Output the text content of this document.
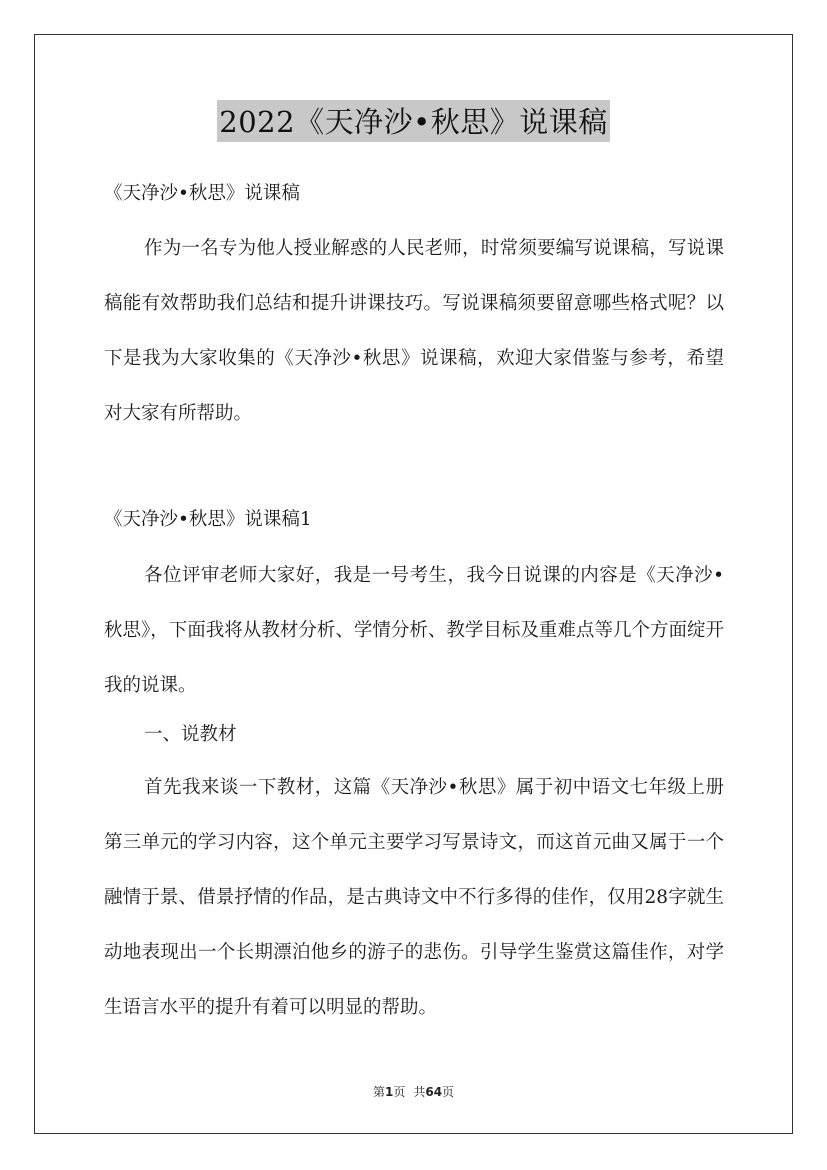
2022《天净沙•秋思》说课稿
《天净沙•秋思》说课稿

作为一名专为他人授业解惑的人民老师，时常须要编写说课稿，写说课稿能有效帮助我们总结和提升讲课技巧。写说课稿须要留意哪些格式呢？以下是我为大家收集的《天净沙•秋思》说课稿，欢迎大家借鉴与参考，希望对大家有所帮助。

《天净沙•秋思》说课稿1

各位评审老师大家好，我是一号考生，我今日说课的内容是《天净沙•秋思》，下面我将从教材分析、学情分析、教学目标及重难点等几个方面绽开我的说课。

一、说教材

首先我来谈一下教材，这篇《天净沙•秋思》属于初中语文七年级上册第三单元的学习内容，这个单元主要学习写景诗文，而这首元曲又属于一个融情于景、借景抒情的作品，是古典诗文中不行多得的佳作，仅用28字就生动地表现出一个长期漂泊他乡的游子的悲伤。引导学生鉴赏这篇佳作，对学生语言水平的提升有着可以明显的帮助。

第1页 共64页
